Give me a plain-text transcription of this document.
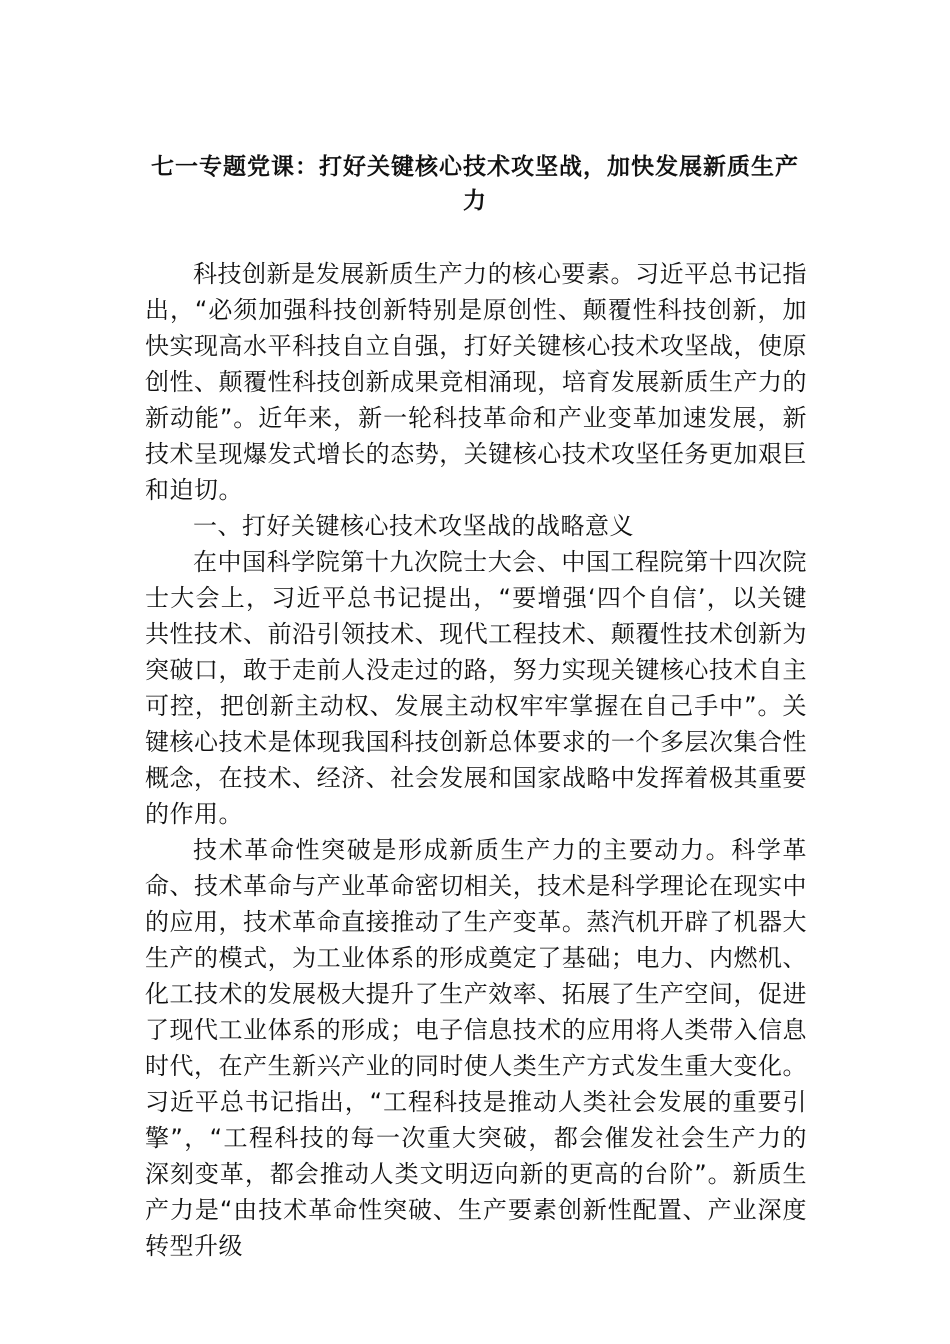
七一专题党课：打好关键核心技术攻坚战，加快发展新质生产力

科技创新是发展新质生产力的核心要素。习近平总书记指出，“必须加强科技创新特别是原创性、颠覆性科技创新，加快实现高水平科技自立自强，打好关键核心技术攻坚战，使原创性、颠覆性科技创新成果竞相涌现，培育发展新质生产力的新动能”。近年来，新一轮科技革命和产业变革加速发展，新技术呈现爆发式增长的态势，关键核心技术攻坚任务更加艰巨和迫切。

一、打好关键核心技术攻坚战的战略意义

在中国科学院第十九次院士大会、中国工程院第十四次院士大会上，习近平总书记提出，“要增强‘四个自信’，以关键共性技术、前沿引领技术、现代工程技术、颠覆性技术创新为突破口，敢于走前人没走过的路，努力实现关键核心技术自主可控，把创新主动权、发展主动权牢牢掌握在自己手中”。关键核心技术是体现我国科技创新总体要求的一个多层次集合性概念，在技术、经济、社会发展和国家战略中发挥着极其重要的作用。

技术革命性突破是形成新质生产力的主要动力。科学革命、技术革命与产业革命密切相关，技术是科学理论在现实中的应用，技术革命直接推动了生产变革。蒸汽机开辟了机器大生产的模式，为工业体系的形成奠定了基础；电力、内燃机、化工技术的发展极大提升了生产效率、拓展了生产空间，促进了现代工业体系的形成；电子信息技术的应用将人类带入信息时代，在产生新兴产业的同时使人类生产方式发生重大变化。习近平总书记指出，“工程科技是推动人类社会发展的重要引擎”，“工程科技的每一次重大突破，都会催发社会生产力的深刻变革，都会推动人类文明迈向新的更高的台阶”。新质生产力是“由技术革命性突破、生产要素创新性配置、产业深度转型升级
